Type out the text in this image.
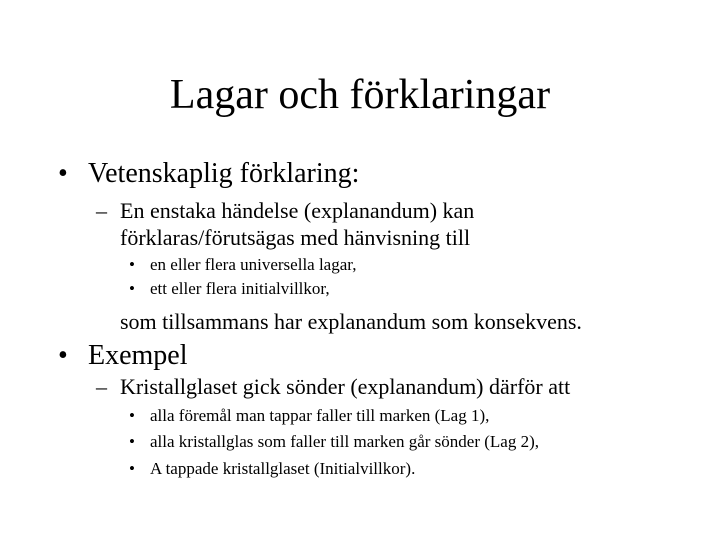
Lagar och förklaringar
• Vetenskaplig förklaring:
– En enstaka händelse (explanandum) kan
förklaras/förutsägas med hänvisning till
• en eller flera universella lagar,
• ett eller flera initialvillkor,
som tillsammans har explanandum som konsekvens.
• Exempel
– Kristallglaset gick sönder (explanandum) därför att
• alla föremål man tappar faller till marken (Lag 1),
• alla kristallglas som faller till marken går sönder (Lag 2),
• A tappade kristallglaset (Initialvillkor).
